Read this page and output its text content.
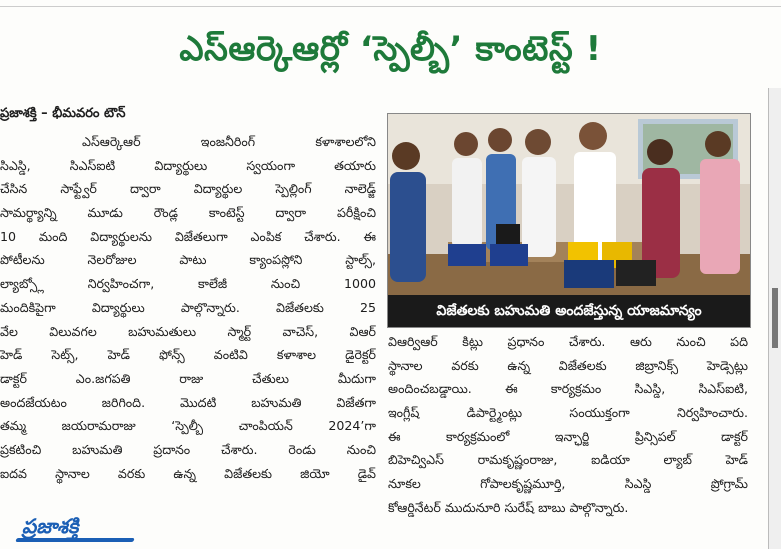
ఎస్ఆర్కెఆర్లో ‘స్పెల్బీ’ కాంటెస్ట్ !
ప్రజాశక్తి – భీమవరం టౌన్
ఎస్ఆర్కెఆర్ ఇంజనీరింగ్ కళాశాలలోని
సిఎస్డి, సిఎస్ఐటి విద్యార్థులు స్వయంగా తయారు
చేసిన సాఫ్ట్వేర్ ద్వారా విద్యార్థుల స్పెల్లింగ్ నాలెడ్జ్
సామర్థ్యాన్ని మూడు రౌండ్ల కాంటెస్ట్ ద్వారా పరీక్షించి
10 మంది విద్యార్థులను విజేతలుగా ఎంపిక చేశారు. ఈ
పోటీలను నెలరోజుల పాటు క్యాంపస్లోని స్టాల్స్,
ల్యాబ్స్లో నిర్వహించగా, కాలేజీ నుంచి 1000
మందికిపైగా విద్యార్థులు పాల్గొన్నారు. విజేతలకు 25
వేల విలువగల బహుమతులు స్మార్ట్ వాచెస్, విఆర్
హెడ్ సెట్స్, హెడ్ ఫోన్స్ వంటివి కళాశాల డైరెక్టర్
డాక్టర్ ఎం.జగపతి రాజు చేతులు మీదుగా
అందజేయటం జరిగింది. మొదటి బహుమతి విజేతగా
తమ్మ జయరామరాజు ‘స్పెల్బీ చాంపియన్ 2024’గా
ప్రకటించి బహుమతి ప్రదానం చేశారు. రెండు నుంచి
ఐదవ స్థానాల వరకు ఉన్న విజేతలకు జియో డైవ్
విజేతలకు బహుమతి అందజేస్తున్న యాజమాన్యం
విఆర్విఆర్ కిట్లు ప్రధానం చేశారు. ఆరు నుంచి పది
స్థానాల వరకు ఉన్న విజేతలకు జిబ్రానిక్స్ హెడ్సెట్లు
అందించబడ్డాయి. ఈ కార్యక్రమం సిఎస్డి, సిఎస్ఐటి,
ఇంగ్లీష్ డిపార్ట్మెంట్లు సంయుక్తంగా నిర్వహించారు.
ఈ కార్యక్రమంలో ఇన్ఛార్జి ప్రిన్సిపల్ డాక్టర్
బిహెచ్విఎస్ రామకృష్ణంరాజు, ఐడియా ల్యాబ్ హెడ్
నూకల గోపాలకృష్ణమూర్తి, సిఎస్డి ప్రోగ్రామ్
కోఆర్డినేటర్ ముదునూరి సురేష్ బాబు పాల్గొన్నారు.
ప్రజాశక్తి
